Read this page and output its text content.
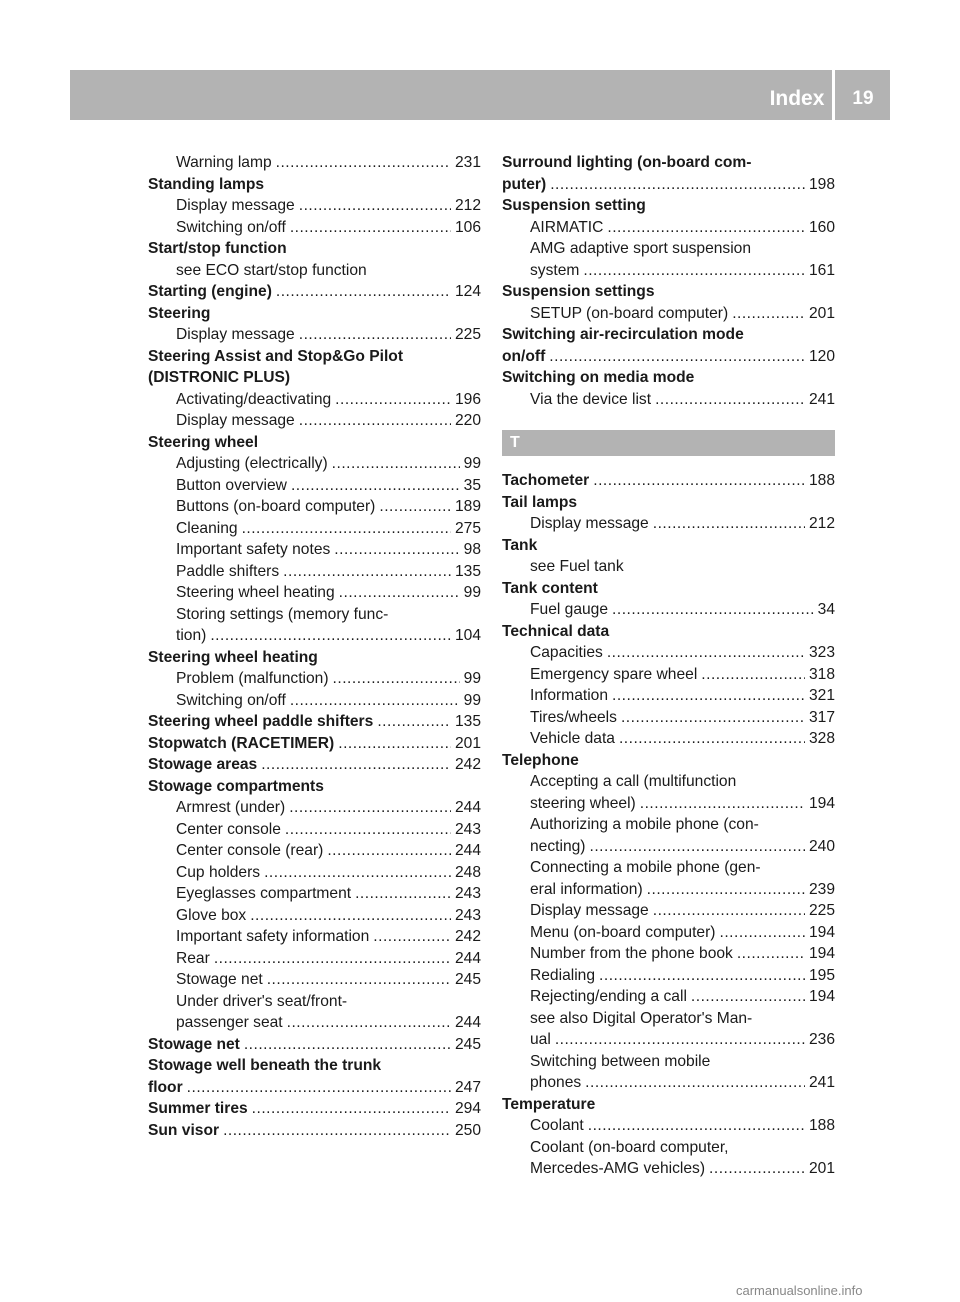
Index	19
Warning lamp .....	231
Standing lamps
Display message .....	212
Switching on/off .....	106
Start/stop function
see ECO start/stop function
Starting (engine) .....	124
Steering
Display message .....	225
Steering Assist and Stop&Go Pilot
(DISTRONIC PLUS)
Activating/deactivating .....	196
Display message .....	220
Steering wheel
Adjusting (electrically) .....	99
Button overview .....	35
Buttons (on-board computer) .....	189
Cleaning .....	275
Important safety notes .....	98
Paddle shifters .....	135
Steering wheel heating .....	99
Storing settings (memory func-
tion) .....	104
Steering wheel heating
Problem (malfunction) .....	99
Switching on/off .....	99
Steering wheel paddle shifters .....	135
Stopwatch (RACETIMER) .....	201
Stowage areas .....	242
Stowage compartments
Armrest (under) .....	244
Center console .....	243
Center console (rear) .....	244
Cup holders .....	248
Eyeglasses compartment .....	243
Glove box .....	243
Important safety information .....	242
Rear .....	244
Stowage net .....	245
Under driver's seat/front-
passenger seat .....	244
Stowage net .....	245
Stowage well beneath the trunk
floor .....	247
Summer tires .....	294
Sun visor .....	250
Surround lighting (on-board com-
puter) .....	198
Suspension setting
AIRMATIC .....	160
AMG adaptive sport suspension
system .....	161
Suspension settings
SETUP (on-board computer) .....	201
Switching air-recirculation mode
on/off .....	120
Switching on media mode
Via the device list .....	241
T
Tachometer .....	188
Tail lamps
Display message .....	212
Tank
see Fuel tank
Tank content
Fuel gauge .....	34
Technical data
Capacities .....	323
Emergency spare wheel .....	318
Information .....	321
Tires/wheels .....	317
Vehicle data .....	328
Telephone
Accepting a call (multifunction
steering wheel) .....	194
Authorizing a mobile phone (con-
necting) .....	240
Connecting a mobile phone (gen-
eral information) .....	239
Display message .....	225
Menu (on-board computer) .....	194
Number from the phone book .....	194
Redialing .....	195
Rejecting/ending a call .....	194
see also Digital Operator's Man-
ual .....	236
Switching between mobile
phones .....	241
Temperature
Coolant .....	188
Coolant (on-board computer,
Mercedes-AMG vehicles) .....	201
carmanualsonline.info
